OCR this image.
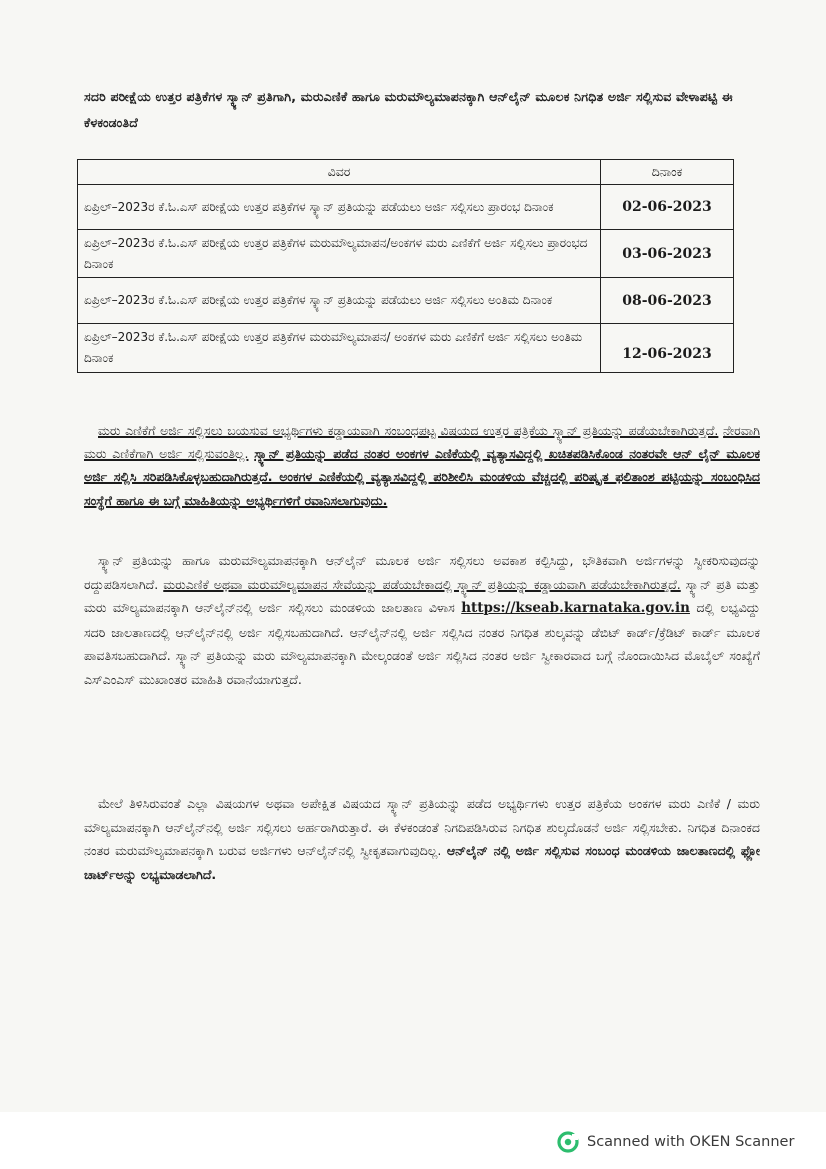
ಸದರಿ ಪರೀಕ್ಷೆಯ ಉತ್ತರ ಪತ್ರಿಕೆಗಳ ಸ್ಕ್ಯಾನ್ ಪ್ರತಿಗಾಗಿ, ಮರುಎಣಿಕೆ ಹಾಗೂ ಮರುಮೌಲ್ಯಮಾಪನಕ್ಕಾಗಿ ಆನ್‌ಲೈನ್ ಮೂಲಕ ನಿಗಧಿತ ಅರ್ಜಿ ಸಲ್ಲಿಸುವ ವೇಳಾಪಟ್ಟಿ ಈ ಕೆಳಕಂಡಂತಿದೆ
ವಿವರ	ದಿನಾಂಕ
ಏಪ್ರಿಲ್–2023ರ ಕೆ.ಓ.ಎಸ್ ಪರೀಕ್ಷೆಯ ಉತ್ತರ ಪತ್ರಿಕೆಗಳ ಸ್ಕ್ಯಾನ್ ಪ್ರತಿಯನ್ನು ಪಡೆಯಲು ಅರ್ಜಿ ಸಲ್ಲಿಸಲು ಪ್ರಾರಂಭ ದಿನಾಂಕ	02-06-2023
ಏಪ್ರಿಲ್–2023ರ ಕೆ.ಓ.ಎಸ್ ಪರೀಕ್ಷೆಯ ಉತ್ತರ ಪತ್ರಿಕೆಗಳ ಮರುಮೌಲ್ಯಮಾಪನ/ಅಂಕಗಳ ಮರು ಎಣಿಕೆಗೆ ಅರ್ಜಿ ಸಲ್ಲಿಸಲು ಪ್ರಾರಂಭದ ದಿನಾಂಕ	03-06-2023
ಏಪ್ರಿಲ್–2023ರ ಕೆ.ಓ.ಎಸ್ ಪರೀಕ್ಷೆಯ ಉತ್ತರ ಪತ್ರಿಕೆಗಳ ಸ್ಕ್ಯಾನ್ ಪ್ರತಿಯನ್ನು ಪಡೆಯಲು ಅರ್ಜಿ ಸಲ್ಲಿಸಲು ಅಂತಿಮ ದಿನಾಂಕ	08-06-2023
ಏಪ್ರಿಲ್–2023ರ ಕೆ.ಓ.ಎಸ್ ಪರೀಕ್ಷೆಯ ಉತ್ತರ ಪತ್ರಿಕೆಗಳ ಮರುಮೌಲ್ಯಮಾಪನ/ ಅಂಕಗಳ ಮರು ಎಣಿಕೆಗೆ ಅರ್ಜಿ ಸಲ್ಲಿಸಲು ಅಂತಿಮ ದಿನಾಂಕ	12-06-2023
ಮರು ಎಣಿಕೆಗೆ ಅರ್ಜಿ ಸಲ್ಲಿಸಲು ಬಯಸುವ ಅಭ್ಯರ್ಥಿಗಳು ಕಡ್ಡಾಯವಾಗಿ ಸಂಬಂಧಪಟ್ಟ ವಿಷಯದ ಉತ್ತರ ಪತ್ರಿಕೆಯ ಸ್ಕ್ಯಾನ್ ಪ್ರತಿಯನ್ನು ಪಡೆಯಬೇಕಾಗಿರುತ್ತದೆ. ನೇರವಾಗಿ ಮರು ಎಣಿಕೆಗಾಗಿ ಅರ್ಜಿ ಸಲ್ಲಿಸುವಂತಿಲ್ಲ. ಸ್ಕ್ಯಾನ್ ಪ್ರತಿಯನ್ನು ಪಡೆದ ನಂತರ ಅಂಕಗಳ ಎಣಿಕೆಯಲ್ಲಿ ವ್ಯತ್ಯಾಸವಿದ್ದಲ್ಲಿ ಖಚಿತಪಡಿಸಿಕೊಂಡ ನಂತರವೇ ಆನ್ ಲೈನ್ ಮೂಲಕ ಅರ್ಜಿ ಸಲ್ಲಿಸಿ ಸರಿಪಡಿಸಿಕೊಳ್ಳಬಹುದಾಗಿರುತ್ತದೆ. ಅಂಕಗಳ ಎಣಿಕೆಯಲ್ಲಿ ವ್ಯತ್ಯಾಸವಿದ್ದಲ್ಲಿ ಪರಿಶೀಲಿಸಿ ಮಂಡಳಿಯ ವೆಚ್ಚದಲ್ಲಿ ಪರಿಷ್ಕೃತ ಫಲಿತಾಂಶ ಪಟ್ಟಿಯನ್ನು ಸಂಬಂಧಿಸಿದ ಸಂಸ್ಥೆಗೆ ಹಾಗೂ ಈ ಬಗ್ಗೆ ಮಾಹಿತಿಯನ್ನು ಅಭ್ಯರ್ಥಿಗಳಿಗೆ ರವಾನಿಸಲಾಗುವುದು.
ಸ್ಕ್ಯಾನ್ ಪ್ರತಿಯನ್ನು ಹಾಗೂ ಮರುಮೌಲ್ಯಮಾಪನಕ್ಕಾಗಿ ಆನ್‌ಲೈನ್ ಮೂಲಕ ಅರ್ಜಿ ಸಲ್ಲಿಸಲು ಅವಕಾಶ ಕಲ್ಪಿಸಿದ್ದು, ಭೌತಿಕವಾಗಿ ಅರ್ಜಿಗಳನ್ನು ಸ್ವೀಕರಿಸುವುದನ್ನು ರದ್ದುಪಡಿಸಲಾಗಿದೆ. ಮರುಎಣಿಕೆ ಅಥವಾ ಮರುಮೌಲ್ಯಮಾಪನ ಸೇವೆಯನ್ನು ಪಡೆಯಬೇಕಾದಲ್ಲಿ ಸ್ಕ್ಯಾನ್ ಪ್ರತಿಯನ್ನು ಕಡ್ಡಾಯವಾಗಿ ಪಡೆಯಬೇಕಾಗಿರುತ್ತದೆ. ಸ್ಕ್ಯಾನ್ ಪ್ರತಿ ಮತ್ತು ಮರು ಮೌಲ್ಯಮಾಪನಕ್ಕಾಗಿ ಆನ್‌ಲೈನ್‌ನಲ್ಲಿ ಅರ್ಜಿ ಸಲ್ಲಿಸಲು ಮಂಡಳಿಯ ಜಾಲತಾಣ ವಿಳಾಸ https://kseab.karnataka.gov.in ದಲ್ಲಿ ಲಭ್ಯವಿದ್ದು ಸದರಿ ಜಾಲತಾಣದಲ್ಲಿ ಆನ್‌ಲೈನ್‌ನಲ್ಲಿ ಅರ್ಜಿ ಸಲ್ಲಿಸಬಹುದಾಗಿದೆ. ಆನ್‌ಲೈನ್‌ನಲ್ಲಿ ಅರ್ಜಿ ಸಲ್ಲಿಸಿದ ನಂತರ ನಿಗಧಿತ ಶುಲ್ಕವನ್ನು ಡೆಬಿಟ್ ಕಾರ್ಡ್/ಕ್ರೆಡಿಟ್ ಕಾರ್ಡ್ ಮೂಲಕ ಪಾವತಿಸಬಹುದಾಗಿದೆ. ಸ್ಕ್ಯಾನ್ ಪ್ರತಿಯನ್ನು ಮರು ಮೌಲ್ಯಮಾಪನಕ್ಕಾಗಿ ಮೇಲ್ಕಂಡಂತೆ ಅರ್ಜಿ ಸಲ್ಲಿಸಿದ ನಂತರ ಅರ್ಜಿ ಸ್ವೀಕಾರವಾದ ಬಗ್ಗೆ ನೊಂದಾಯಿಸಿದ ಮೊಬೈಲ್ ಸಂಖ್ಯೆಗೆ ಎಸ್‌ಎಂಎಸ್ ಮುಖಾಂತರ ಮಾಹಿತಿ ರವಾನೆಯಾಗುತ್ತದೆ.
ಮೇಲೆ ತಿಳಿಸಿರುವಂತೆ ಎಲ್ಲಾ ವಿಷಯಗಳ ಅಥವಾ ಅಪೇಕ್ಷಿತ ವಿಷಯದ ಸ್ಕ್ಯಾನ್ ಪ್ರತಿಯನ್ನು ಪಡೆದ ಅಭ್ಯರ್ಥಿಗಳು ಉತ್ತರ ಪತ್ರಿಕೆಯ ಅಂಕಗಳ ಮರು ಎಣಿಕೆ / ಮರು ಮೌಲ್ಯಮಾಪನಕ್ಕಾಗಿ ಆನ್‌ಲೈನ್‌ನಲ್ಲಿ ಅರ್ಜಿ ಸಲ್ಲಿಸಲು ಅರ್ಹರಾಗಿರುತ್ತಾರೆ. ಈ ಕೆಳಕಂಡಂತೆ ನಿಗದಿಪಡಿಸಿರುವ ನಿಗಧಿತ ಶುಲ್ಕದೊಡನೆ ಅರ್ಜಿ ಸಲ್ಲಿಸಬೇಕು. ನಿಗಧಿತ ದಿನಾಂಕದ ನಂತರ ಮರುಮೌಲ್ಯಮಾಪನಕ್ಕಾಗಿ ಬರುವ ಅರ್ಜಿಗಳು ಆನ್‌ಲೈನ್‌ನಲ್ಲಿ ಸ್ವೀಕೃತವಾಗುವುದಿಲ್ಲ. ಆನ್‌ಲೈನ್ ನಲ್ಲಿ ಅರ್ಜಿ ಸಲ್ಲಿಸುವ ಸಂಬಂಧ ಮಂಡಳಿಯ ಜಾಲತಾಣದಲ್ಲಿ ಫ್ಲೋ ಚಾರ್ಟ್‌ಅನ್ನು ಲಭ್ಯಮಾಡಲಾಗಿದೆ.
Scanned with OKEN Scanner
